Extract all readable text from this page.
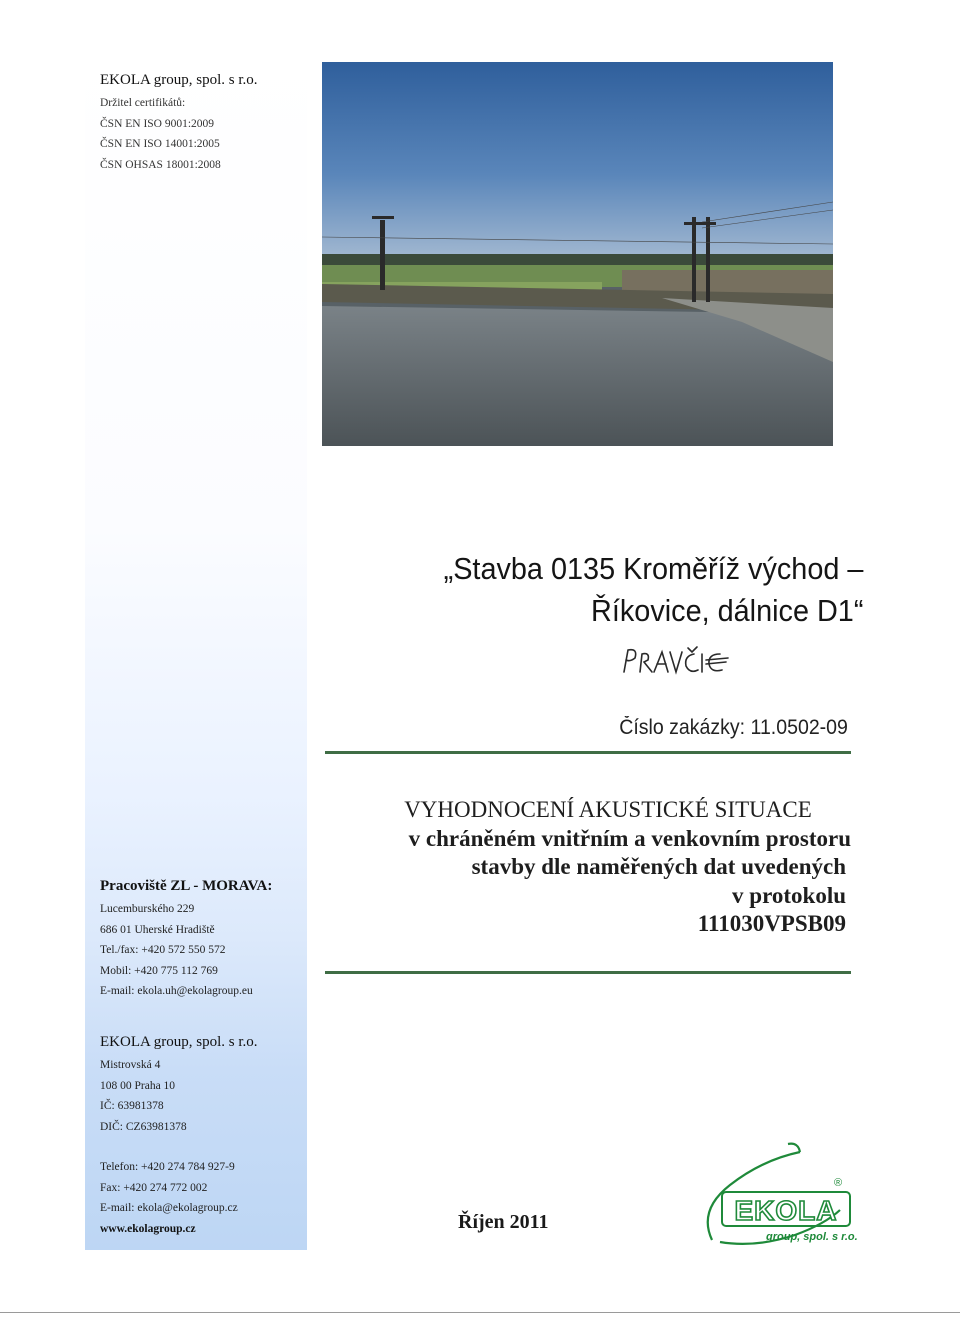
EKOLA group, spol. s r.o.
Držitel certifikátů:
ČSN EN ISO 9001:2009
ČSN EN ISO 14001:2005
ČSN OHSAS 18001:2008
Pracoviště ZL - MORAVA:
Lucemburského 229
686 01 Uherské Hradiště
Tel./fax: +420 572 550 572
Mobil: +420 775 112 769
E-mail: ekola.uh@ekolagroup.eu
EKOLA group, spol. s r.o.
Mistrovská 4
108 00 Praha 10
IČ: 63981378
DIČ: CZ63981378
Telefon: +420 274 784 927-9
Fax: +420 274 772 002
E-mail: ekola@ekolagroup.cz
www.ekolagroup.cz
„Stavba 0135 Kroměříž východ –
Říkovice, dálnice D1“
Číslo zakázky: 11.0502-09
VYHODNOCENÍ AKUSTICKÉ SITUACE
v chráněném vnitřním a venkovním prostoru
stavby dle naměřených dat uvedených
v protokolu
111030VPSB09
Říjen 2011	EKOLA
®
group, spol. s r.o.
